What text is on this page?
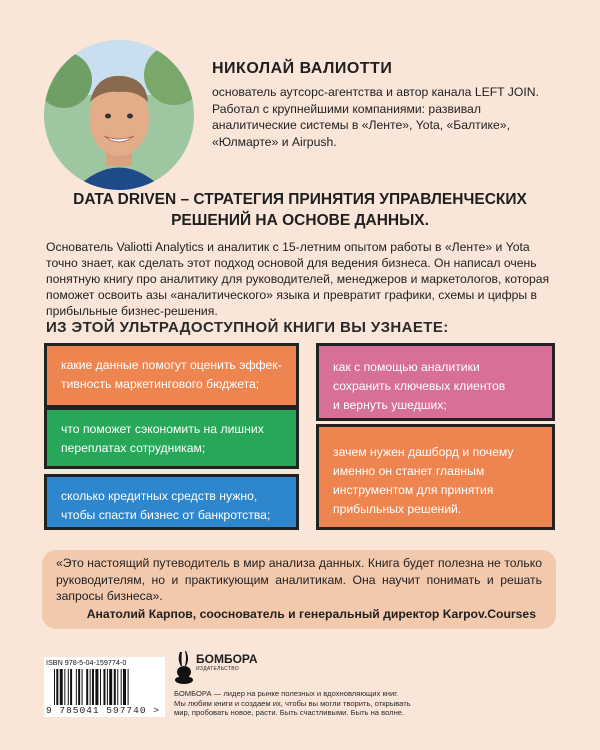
НИКОЛАЙ ВАЛИОТТИ

основатель аутсорс-агентства и автор канала LEFT JOIN. Работал с крупнейшими компаниями: развивал аналитические системы в «Ленте», Yota, «Балтике», «Юлмарте» и Airpush.

DATA DRIVEN – СТРАТЕГИЯ ПРИНЯТИЯ УПРАВЛЕНЧЕСКИХ
РЕШЕНИЙ НА ОСНОВЕ ДАННЫХ.

Основатель Valiotti Analytics и аналитик с 15-летним опытом работы в «Ленте» и Yota точно знает, как сделать этот подход основой для ведения бизнеса. Он написал очень понятную книгу про аналитику для руководителей, менеджеров и маркетологов, которая поможет освоить азы «аналитического» языка и превратит графики, схемы и цифры в прибыльные бизнес-решения.

ИЗ ЭТОЙ УЛЬТРАДОСТУПНОЙ КНИГИ ВЫ УЗНАЕТЕ:
какие данные помогут оценить эффек-
тивность маркетингового бюджета;
что поможет сэкономить на лишних
переплатах сотрудникам;
сколько кредитных средств нужно,
чтобы спасти бизнес от банкротства;
как с помощью аналитики
сохранить ключевых клиентов
и вернуть ушедших;
зачем нужен дашборд и почему
именно он станет главным
инструментом для принятия
прибыльных решений.

«Это настоящий путеводитель в мир анализа данных. Книга будет полезна не только руководителям, но и практикующим аналитикам. Она научит понимать и решать запросы бизнеса».

Анатолий Карпов, сооснователь и генеральный директор Karpov.Courses

ISBN 978-5-04-159774-0
9 785041 597740 >
БОМБОРА
ИЗДАТЕЛЬСТВО

БОМБОРА — лидер на рынке полезных и вдохновляющих книг.
Мы любим книги и создаем их, чтобы вы могли творить, открывать
мир, пробовать новое, расти. Быть счастливыми. Быть на волне.
